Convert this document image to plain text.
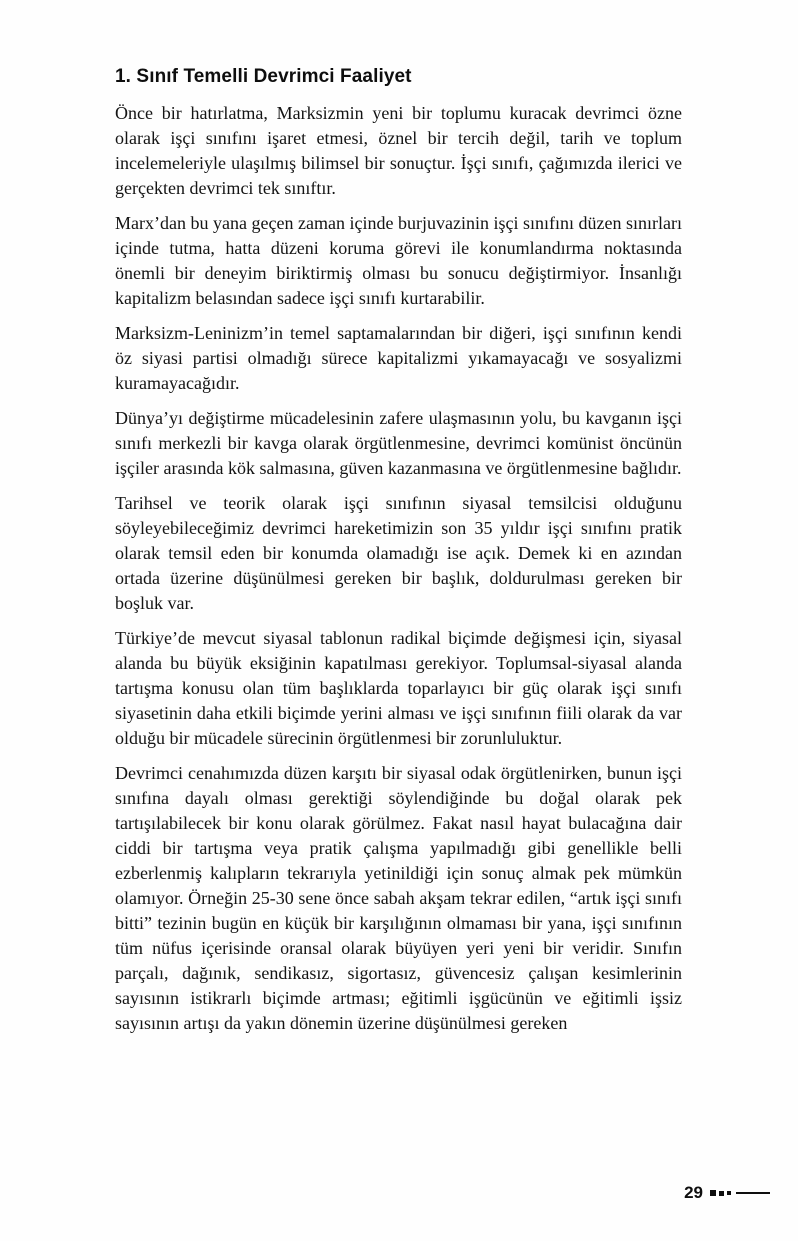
1. Sınıf Temelli Devrimci Faaliyet

Önce bir hatırlatma, Marksizmin yeni bir toplumu kuracak devrimci özne olarak işçi sınıfını işaret etmesi, öznel bir tercih değil, tarih ve toplum incelemeleriyle ulaşılmış bilimsel bir sonuçtur. İşçi sınıfı, çağımızda ilerici ve gerçekten devrimci tek sınıftır.

Marx’dan bu yana geçen zaman içinde burjuvazinin işçi sınıfını düzen sınırları içinde tutma, hatta düzeni koruma görevi ile konumlandırma noktasında önemli bir deneyim biriktirmiş olması bu sonucu değiştirmiyor. İnsanlığı kapitalizm belasından sadece işçi sınıfı kurtarabilir.

Marksizm-Leninizm’in temel saptamalarından bir diğeri, işçi sınıfının kendi öz siyasi partisi olmadığı sürece kapitalizmi yıkamayacağı ve sosyalizmi kuramayacağıdır.

Dünya’yı değiştirme mücadelesinin zafere ulaşmasının yolu, bu kavganın işçi sınıfı merkezli bir kavga olarak örgütlenmesine, devrimci komünist öncünün işçiler arasında kök salmasına, güven kazanmasına ve örgütlenmesine bağlıdır.

Tarihsel ve teorik olarak işçi sınıfının siyasal temsilcisi olduğunu söyleyebileceğimiz devrimci hareketimizin son 35 yıldır işçi sınıfını pratik olarak temsil eden bir konumda olamadığı ise açık. Demek ki en azından ortada üzerine düşünülmesi gereken bir başlık, doldurulması gereken bir boşluk var.

Türkiye’de mevcut siyasal tablonun radikal biçimde değişmesi için, siyasal alanda bu büyük eksiğinin kapatılması gerekiyor. Toplumsal-siyasal alanda tartışma konusu olan tüm başlıklarda toparlayıcı bir güç olarak işçi sınıfı siyasetinin daha etkili biçimde yerini alması ve işçi sınıfının fiili olarak da var olduğu bir mücadele sürecinin örgütlenmesi bir zorunluluktur.

Devrimci cenahımızda düzen karşıtı bir siyasal odak örgütlenirken, bunun işçi sınıfına dayalı olması gerektiği söylendiğinde bu doğal olarak pek tartışılabilecek bir konu olarak görülmez. Fakat nasıl hayat bulacağına dair ciddi bir tartışma veya pratik çalışma yapılmadığı gibi genellikle belli ezberlenmiş kalıpların tekrarıyla yetinildiği için sonuç almak pek mümkün olamıyor. Örneğin 25-30 sene önce sabah akşam tekrar edilen, “artık işçi sınıfı bitti” tezinin bugün en küçük bir karşılığının olmaması bir yana, işçi sınıfının tüm nüfus içerisinde oransal olarak büyüyen yeri yeni bir veridir. Sınıfın parçalı, dağınık, sendikasız, sigortasız, güvencesiz çalışan kesimlerinin sayısının istikrarlı biçimde artması; eğitimli işgücünün ve eğitimli işsiz sayısının artışı da yakın dönemin üzerine düşünülmesi gereken

29
